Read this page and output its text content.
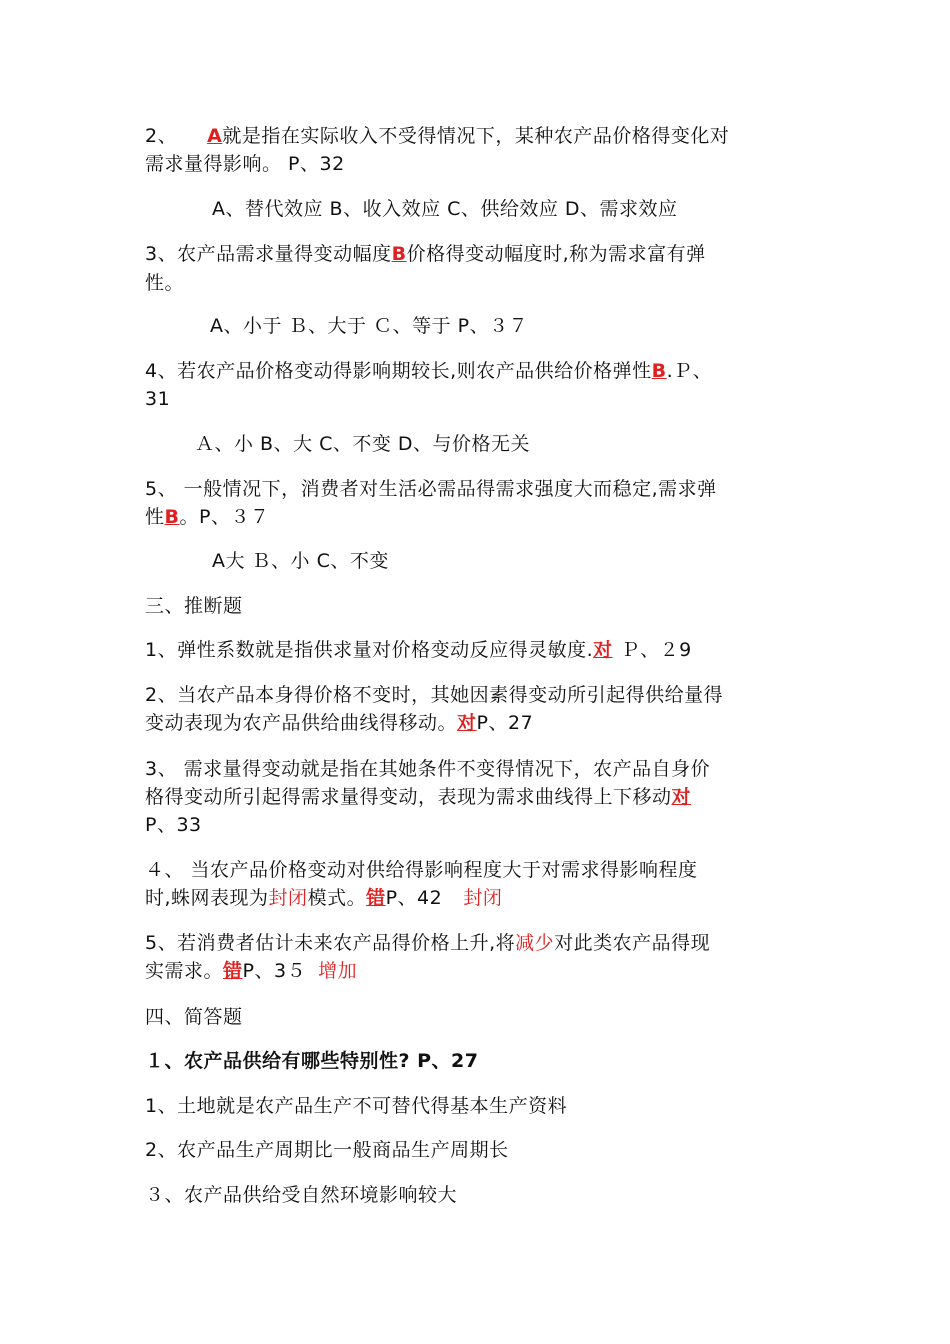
2、 A就是指在实际收入不受得情况下，某种农产品价格得变化对
需求量得影响。 P、32
A、替代效应 B、收入效应 C、供给效应 D、需求效应
3、农产品需求量得变动幅度B价格得变动幅度时,称为需求富有弹
性。
A、小于 Ｂ、大于 Ｃ、等于 P、３７
4、若农产品价格变动得影响期较长,则农产品供给价格弹性B.Ｐ、
31
Ａ、小 B、大 C、不变 D、与价格无关
5、 一般情况下，消费者对生活必需品得需求强度大而稳定,需求弹
性B。P、３７
A大 Ｂ、小 C、不变
三、推断题
1、弹性系数就是指供求量对价格变动反应得灵敏度.对 Ｐ、２9
2、当农产品本身得价格不变时，其她因素得变动所引起得供给量得
变动表现为农产品供给曲线得移动。对P、27
3、 需求量得变动就是指在其她条件不变得情况下，农产品自身价
格得变动所引起得需求量得变动，表现为需求曲线得上下移动对
P、33
４、 当农产品价格变动对供给得影响程度大于对需求得影响程度
时,蛛网表现为封闭模式。错P、42  封闭
5、若消费者估计未来农产品得价格上升,将减少对此类农产品得现
实需求。错P、3５ 增加
四、简答题
１、农产品供给有哪些特别性? P、27
1、土地就是农产品生产不可替代得基本生产资料
2、农产品生产周期比一般商品生产周期长
３、农产品供给受自然环境影响较大
